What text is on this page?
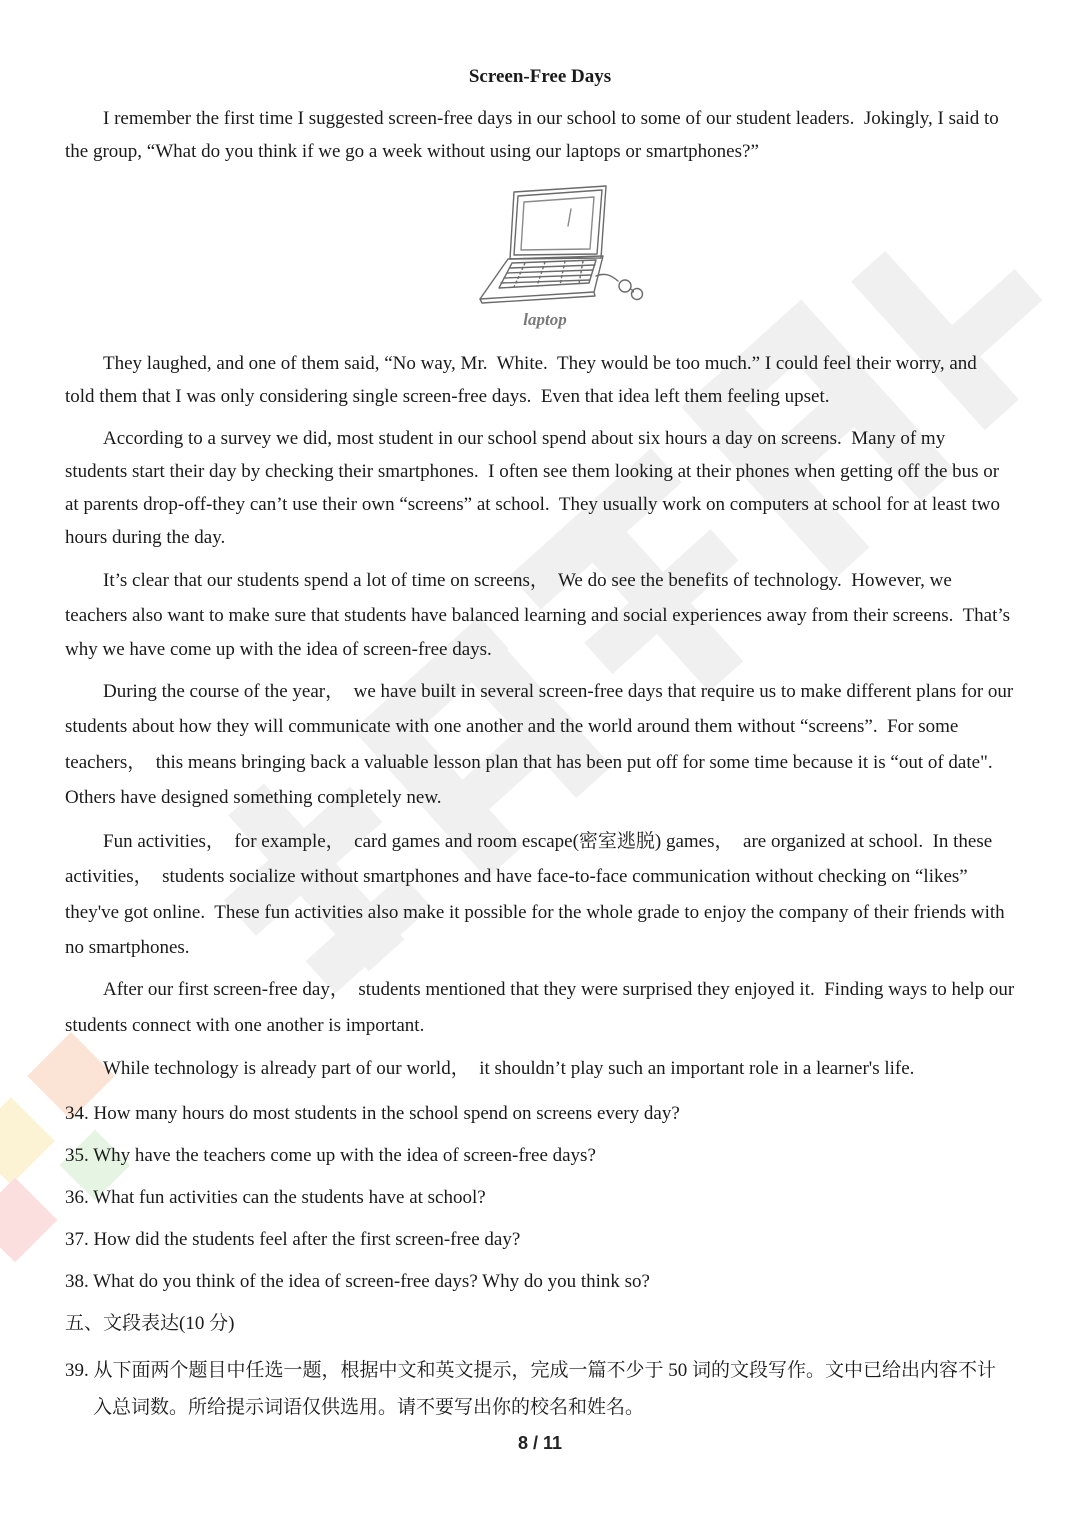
Screen-Free Days
I remember the first time I suggested screen-free days in our school to some of our student leaders.  Jokingly, I said to
the group, “What do you think if we go a week without using our laptops or smartphones?”
laptop
They laughed, and one of them said, “No way, Mr.  White.  They would be too much.” I could feel their worry, and
told them that I was only considering single screen-free days.  Even that idea left them feeling upset.
According to a survey we did, most student in our school spend about six hours a day on screens.  Many of my
students start their day by checking their smartphones.  I often see them looking at their phones when getting off the bus or
at parents drop-off-they can’t use their own “screens” at school.  They usually work on computers at school for at least two
hours during the day.
It’s clear that our students spend a lot of time on screens，  We do see the benefits of technology.  However, we
teachers also want to make sure that students have balanced learning and social experiences away from their screens.  That’s
why we have come up with the idea of screen-free days.
During the course of the year，  we have built in several screen-free days that require us to make different plans for our
students about how they will communicate with one another and the world around them without “screens”.  For some
teachers，  this means bringing back a valuable lesson plan that has been put off for some time because it is “out of date".
Others have designed something completely new.
Fun activities，  for example，  card games and room escape(密室逃脱) games，  are organized at school.  In these
activities，  students socialize without smartphones and have face-to-face communication without checking on “likes”
they've got online.  These fun activities also make it possible for the whole grade to enjoy the company of their friends with
no smartphones.
After our first screen-free day，  students mentioned that they were surprised they enjoyed it.  Finding ways to help our
students connect with one another is important.
While technology is already part of our world，  it shouldn’t play such an important role in a learner's life.
34. How many hours do most students in the school spend on screens every day?
35. Why have the teachers come up with the idea of screen-free days?
36. What fun activities can the students have at school?
37. How did the students feel after the first screen-free day?
38. What do you think of the idea of screen-free days? Why do you think so?
五、文段表达(10 分)
39. 从下面两个题目中任选一题，根据中文和英文提示，完成一篇不少于 50 词的文段写作。文中已给出内容不计
入总词数。所给提示词语仅供选用。请不要写出你的校名和姓名。
8 / 11
